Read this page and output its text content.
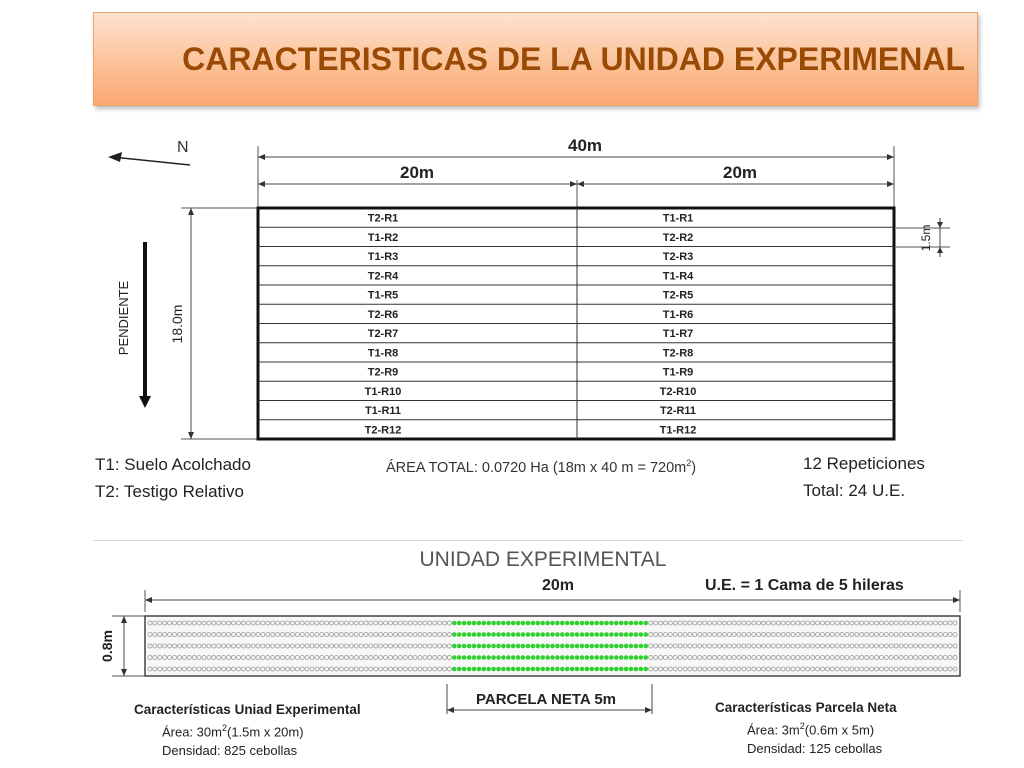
CARACTERISTICAS DE LA UNIDAD EXPERIMENAL
N	40m
20m	20m
18.0m
PENDIENTE
1.5m
T2-R1	T1-R1
T1-R2	T2-R2
T1-R3	T2-R3
T2-R4	T1-R4
T1-R5	T2-R5
T2-R6	T1-R6
T2-R7	T1-R7
T1-R8	T2-R8
T2-R9	T1-R9
T1-R10	T2-R10
T1-R11	T2-R11
T2-R12	T1-R12
UNIDAD EXPERIMENTAL
20m	U.E. = 1 Cama de 5 hileras
0.8m
PARCELA NETA 5m
T1: Suelo Acolchado
T2: Testigo Relativo
ÁREA TOTAL: 0.0720 Ha (18m x 40 $m = 720m^2$)	12 Repeticiones
Total: 24 U.E.
Características Uniad Experimental
Área: $30m^2(1.5m$ x 20m)
Densidad: 825 cebollas
Características Parcela Neta
Área: $3m^2(0.6m$ x 5m)
Densidad: 125 cebollas
